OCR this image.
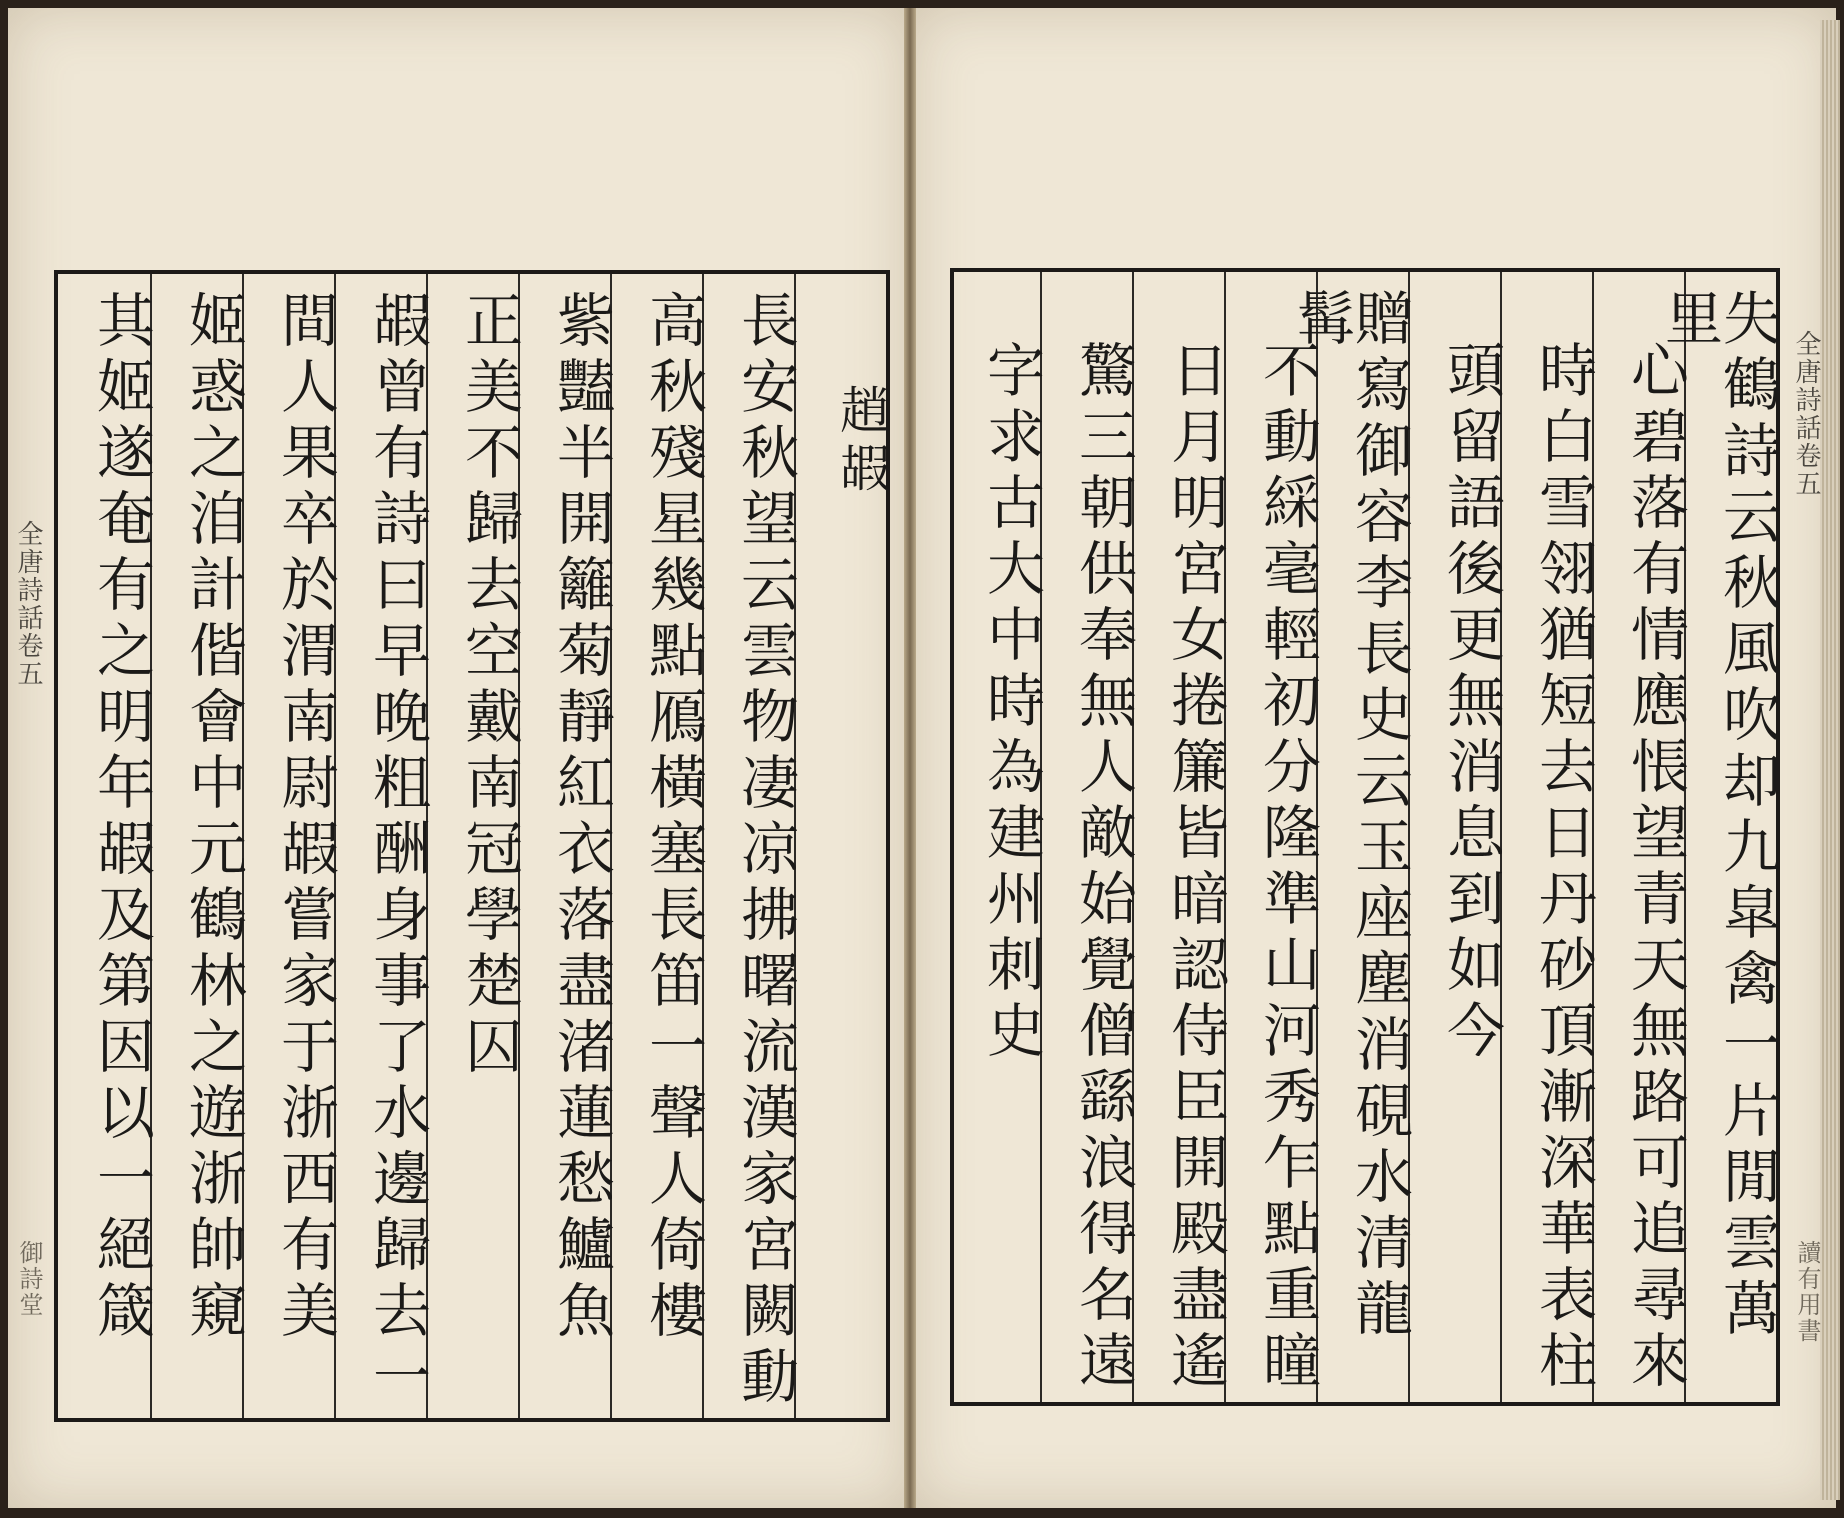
全唐詩話卷五
御詩堂
全唐詩話卷五
讀有用書
趙嘏
長安秋望云雲物凄凉拂曙流漢家宮闕動
高秋殘星幾點鴈橫塞長笛一聲人倚樓
紫豔半開籬菊靜紅衣落盡渚蓮愁鱸魚
正美不歸去空戴南冠學楚囚
嘏曾有詩曰早晚粗酬身事了水邊歸去一
間人果卒於渭南尉嘏嘗家于浙西有美
姬惑之洎計偕會中元鶴林之遊浙帥窺
其姬遂奄有之明年嘏及第因以一絕箴	失鶴詩云秋風吹却九皐禽一片閒雲萬里
心碧落有情應悵望青天無路可追尋來
時白雪翎猶短去日丹砂頂漸深華表柱
頭留語後更無消息到如今
贈寫御容李長史云玉座塵消硯水清龍髯
不動綵毫輕初分隆準山河秀乍點重瞳
日月明宮女捲簾皆暗認侍臣開殿盡遙
驚三朝供奉無人敵始覺僧繇浪得名遠
字求古大中時為建州刺史
